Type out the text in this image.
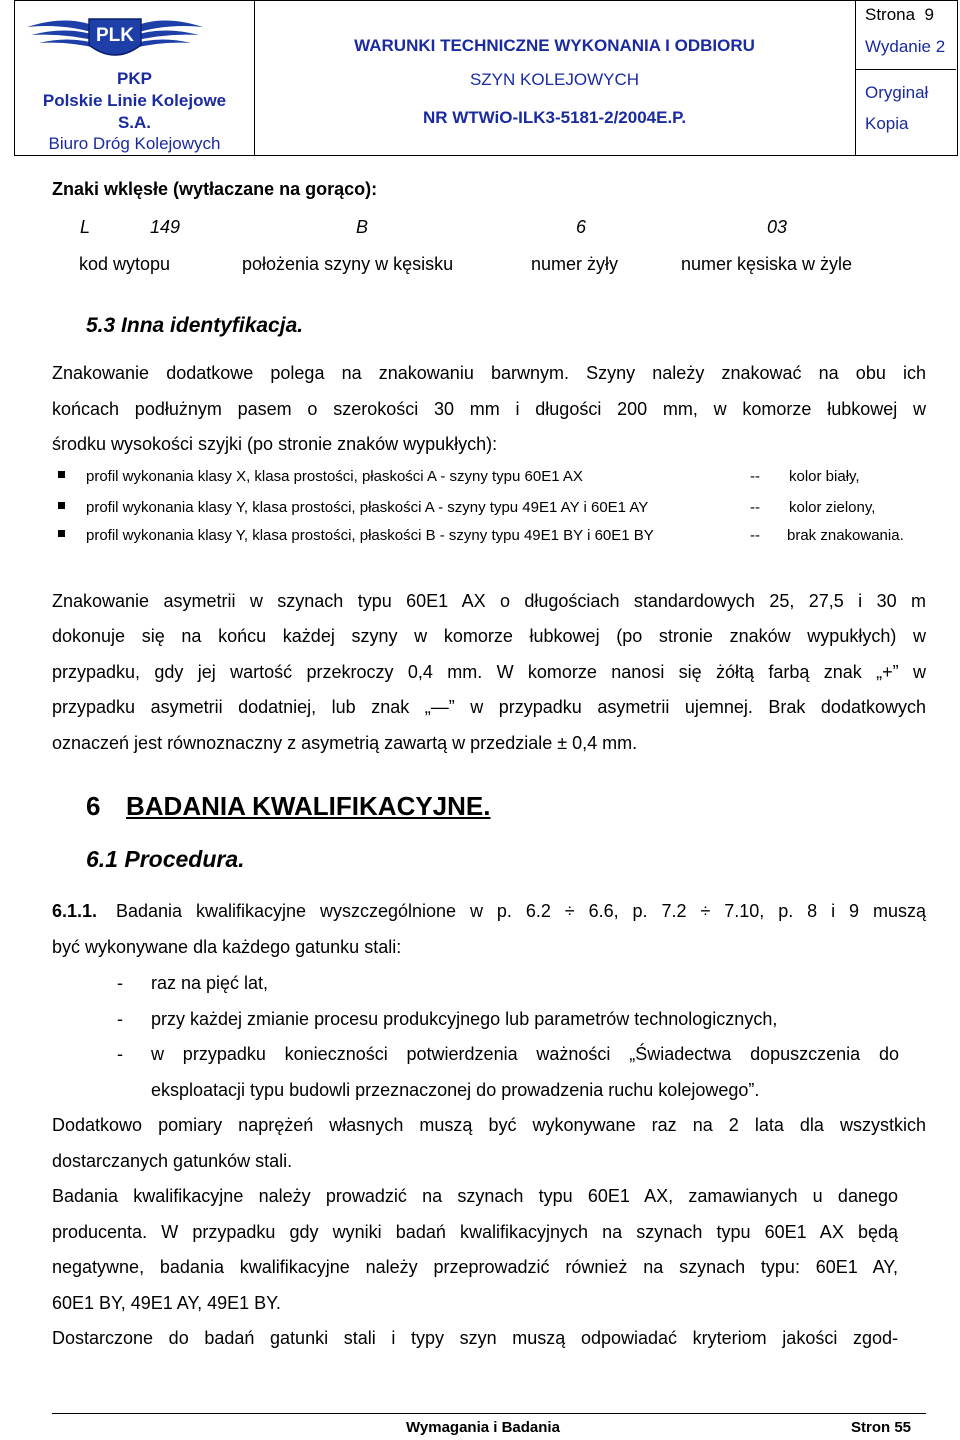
PLK
PKP
Polskie Linie Kolejowe
S.A.
Biuro Dróg Kolejowych
WARUNKI TECHNICZNE WYKONANIA I ODBIORU
SZYN KOLEJOWYCH
NR WTWiO-ILK3-5181-2/2004E.P.
Strona 9
Wydanie 2
Oryginał
Kopia
Znaki wklęsłe (wytłaczane na gorąco):
L	149	B	6	03
kod wytopu	położenia szyny w kęsisku	numer żyły	numer kęsiska w żyle
5.3 Inna identyfikacja.
Znakowanie dodatkowe polega na znakowaniu barwnym. Szyny należy znakować na obu ich
końcach podłużnym pasem o szerokości 30 mm i długości 200 mm, w komorze łubkowej w
środku wysokości szyjki (po stronie znaków wypukłych):
profil wykonania klasy X, klasa prostości, płaskości A - szyny typu 60E1 AX	-- kolor biały,
profil wykonania klasy Y, klasa prostości, płaskości A - szyny typu 49E1 AY i 60E1 AY	-- kolor zielony,
profil wykonania klasy Y, klasa prostości, płaskości B - szyny typu 49E1 BY i 60E1 BY	-- brak znakowania.
Znakowanie asymetrii w szynach typu 60E1 AX o długościach standardowych 25, 27,5 i 30 m
dokonuje się na końcu każdej szyny w komorze łubkowej (po stronie znaków wypukłych) w
przypadku, gdy jej wartość przekroczy 0,4 mm. W komorze nanosi się żółtą farbą znak „+” w
przypadku asymetrii dodatniej, lub znak „—” w przypadku asymetrii ujemnej. Brak dodatkowych
oznaczeń jest równoznaczny z asymetrią zawartą w przedziale ± 0,4 mm.
6 BADANIA KWALIFIKACYJNE.
6.1 Procedura.
6.1.1. Badania kwalifikacyjne wyszczególnione w p. 6.2 ÷ 6.6, p. 7.2 ÷ 7.10, p. 8 i 9 muszą
być wykonywane dla każdego gatunku stali:
- raz na pięć lat,
- przy każdej zmianie procesu produkcyjnego lub parametrów technologicznych,
- w przypadku konieczności potwierdzenia ważności „Świadectwa dopuszczenia do
eksploatacji typu budowli przeznaczonej do prowadzenia ruchu kolejowego”.
Dodatkowo pomiary naprężeń własnych muszą być wykonywane raz na 2 lata dla wszystkich
dostarczanych gatunków stali.
Badania kwalifikacyjne należy prowadzić na szynach typu 60E1 AX, zamawianych u danego
producenta. W przypadku gdy wyniki badań kwalifikacyjnych na szynach typu 60E1 AX będą
negatywne, badania kwalifikacyjne należy przeprowadzić również na szynach typu: 60E1 AY,
60E1 BY, 49E1 AY, 49E1 BY.
Dostarczone do badań gatunki stali i typy szyn muszą odpowiadać kryteriom jakości zgod-
Wymagania i Badania	Stron 55
